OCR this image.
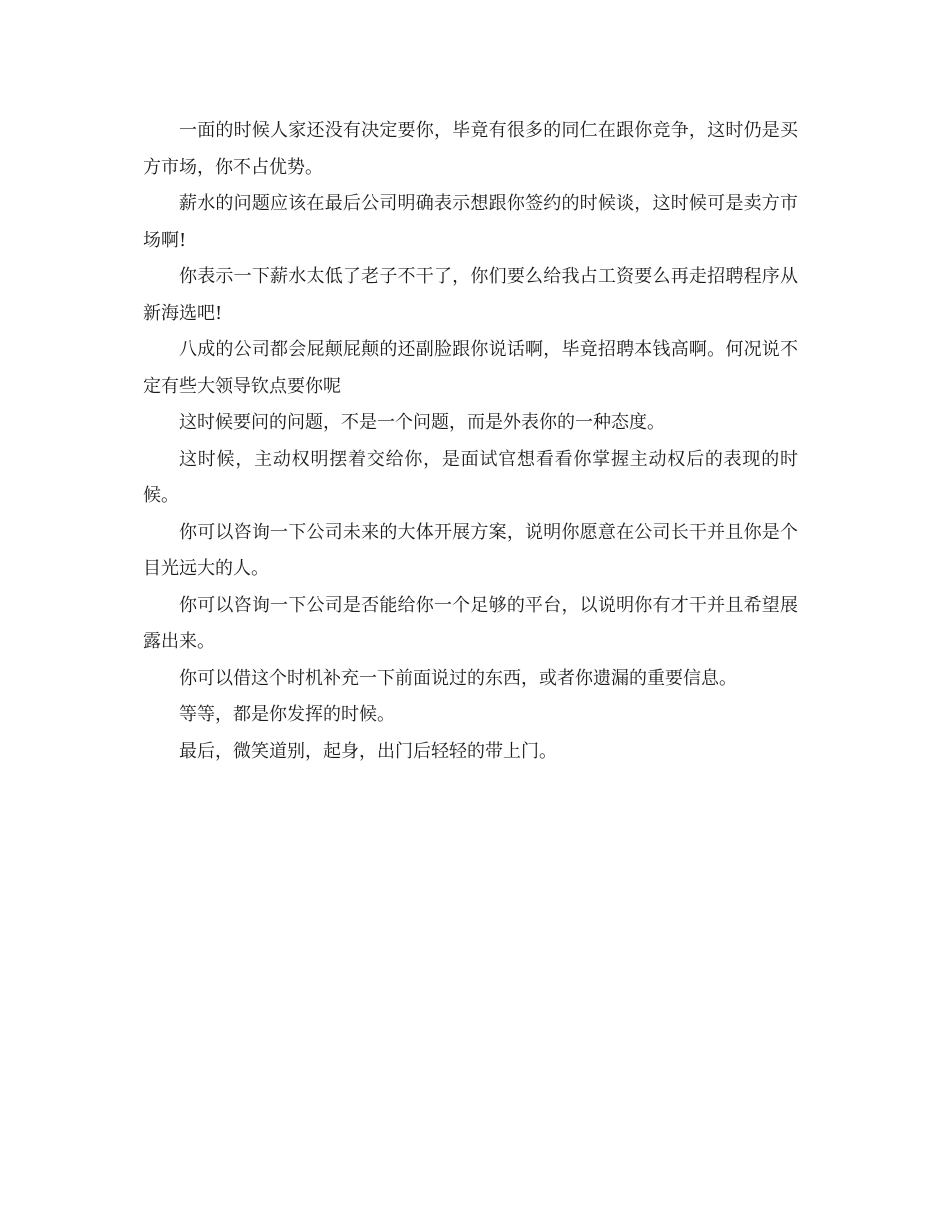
一面的时候人家还没有决定要你，毕竟有很多的同仁在跟你竞争，这时仍是买方市场，你不占优势。

薪水的问题应该在最后公司明确表示想跟你签约的时候谈，这时候可是卖方市场啊!

你表示一下薪水太低了老子不干了，你们要么给我占工资要么再走招聘程序从新海选吧!

八成的公司都会屁颠屁颠的还副脸跟你说话啊，毕竟招聘本钱高啊。何况说不定有些大领导钦点要你呢

这时候要问的问题，不是一个问题，而是外表你的一种态度。

这时候，主动权明摆着交给你，是面试官想看看你掌握主动权后的表现的时候。

你可以咨询一下公司未来的大体开展方案，说明你愿意在公司长干并且你是个目光远大的人。

你可以咨询一下公司是否能给你一个足够的平台，以说明你有才干并且希望展露出来。

你可以借这个时机补充一下前面说过的东西，或者你遗漏的重要信息。

等等，都是你发挥的时候。

最后，微笑道别，起身，出门后轻轻的带上门。
